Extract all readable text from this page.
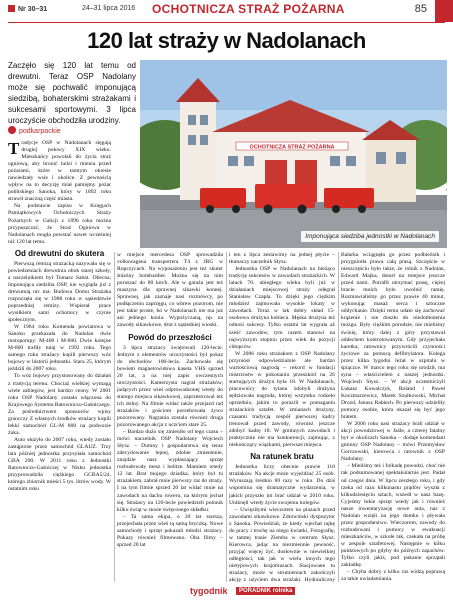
Nr 30–31	24–31 lipca 2016 OCHOTNICZA STRAŻ POŻARNA	85
120 lat straży w Nadolanach
Zaczęło się 120 lat temu od drewutni. Teraz OSP Nadolany może się pochwalić imponującą siedzibą, bohaterskimi strażakami i sukcesami sportowymi. 3 lipca uroczyście obchodziła urodziny.
podkarpackie
OCHOTNICZA STRAŻ POŻARNA
Imponująca siedziba jednostki w Nadolanach

Tradycje OSP w Nadolanach sięgają drugiej połowy XIX wieku. Mieszkańcy powołali do życia straż ogniową, aby bronić ludzi i mienia przed pożarami, które w tamtym okresie nawiedzały wsie i okolice. Z pewnością wpływ na to decyzję miał pamiętny pożar pobliskiego Sanoka, który w 1892 roku strawił znaczną część miasta.

Na podstawie zapisu w Księgach Pamiątkowych Ochotniczych Straży Pożarnych w Galicji z 1896 roku można przypuszczać, że Straż Ogniowa w Nadolanach mogła powstać nawet wcześniej niż 120 lat temu.

Od drewutni do skutera

Pierwszą remizą strażacką nazywała się w powiedzeniach drewutnia obok starej szkoły, a naczelnikiem był Tomasz Sabat. Obecna, imponująca siedziba OSP, nie wygląda już z drewutnią nic ma. Budowa Domu Strażaka rozpoczęła się w 1988 roku w sąsiedztwie poprzedniej remizy. Wspierał prace wysiłkiem sami ochotnicy w czynie społecznym.

W 1964 roku Komenda powiatowa w Sanoku przekazała do Nadolan dwie motopompy: M-400 i M-800. Dwie kolejne M-800 trafiły tutaj w 1992 roku. Tego samego roku strażacy kupili pierwszy wóz bojowy w historii jednostki. Stara 25, którym jeździli do 2007 roku.

To wóz bojowy przystosowany do działań z tradycją terenu. Chociaż wielkiej wymagą wiele zabiegów, jest bardzo cenny. W 2001 roku OSP Nadolany została włączona do Krajowego Systemu Ratowniczo-Gaśniczego. Za pośrednictwem sponsorów wpisy grancczy Z własnych środków strażacy kupili lekki samochód GL-M 800 na podwozie żuka.

Auto służyło do 2007 roku, wtedy zostało zastąpione przez samochód GLAUZ. Trzy lata później jednostka przysyłała samochód GBA 290. W 2011 roku z Jednostki Ratowniczo-Gaśniczej w Nisku jednostka przyprowadziła ciężkiego GCBA5/24, którego zbiornik mieści 5 tys. litrów wody. W ostatnim roku

w miejsce mercedesa OSP sprowadziła volkswagena transportera T4 z JRG w Ropczycach. Na wyposażeniu jest też skuter śnieżny bombardier. Można się na nim poruszać do 80 km/h. Ale w garażu jest też maszyna dla sprawnej sikawki konnej. Sprawnej, jak zaznaje nasi rozmówcy, po podłączeniu zaprzęgu, co wbrew pozorom, nie jest takie proste, bo w Nadolanach nie ma już ani jednego konia. Wypożyczaną, np. na zawody sikawkowe, drut z sąsiedniej wioski.

Powód do przeszłości

3 lipca strażacy świętowali 120-lecie. Jednym z elementów uroczystości był pokaz do obchodów 100-lecia. Zachowała się bowiem magnetowidowa kaseta VHS sprzed 20 lat, a na niej zapis owczesnych uroczystości. Kamerzysta nagrał strażaków, jadących przez wieś odprowadzonej wtedy do starego miejsca sikawkowej, zaprzestrowal też ich dolny. Na filmie widać także przejazd rad strażaków i gościom porzebowała żywo pozorowany. Nagrania zostala również druga pozorowanego akcja z uczciem stare 25.

– Bardzo dużo się zmieniło od tego czasu – mówi naczelnik OSP Nadolany Wojciech Słysz. – Dumny i gospodarstwa się teraz zdecydowanie lepiej, zdolne zmienienie, znajdzie nasz wypłaszający sprzęt rozbudowały mesz i helitze. Mamiem wtedy 12 lat. Brat mojego dziadka, który był tu strażakiem, zabrał mnie pierwszy raz do straży. I na tym filmie sprzed 20 lat widać mnie na zawodach na dachu roweru, na którym jechał się. Strażacy na 120-lecie powiedzieli pomnik kilku świąt w stosie święconego składku.

– Ta sama ekipa, o 20 lat starsza, przejechała przez wieś tą samą bryczką. Nowe samochody i sprzęt pokazali młodzi strażacy. Pokazy również filmowano. Oba filmy – sprzed 20 lat

i ten z lipca zestawimy na jednej płycie – tłumaczy naczelnik Słysz.

Jednostka OSP w Nadolanach na bieżąco tradycję sukcesów w zawodach strażackich. W latach 70. ubiegłego wieku byli już w działaniach miejscowej straży odegrał Stanisław Czapla. To dzięki jego ciężkim młodzież zajmowała wysokie lokaty w zawodach. Teraz w tak dobry skład 15-osobowa drużyna kobieca. Męska drużyna też odnosi sukcesy. Tylko ostatni lat wygrała aż sześć zawodów, tym razem stanowi na najwyższym stopniu przez wiek do pozycji chłopców.

W 2006 roku strażakom z OSP Nadolany przyniósł odpowiedzialnie ale bardzo wartościową nagrodą – rekord w fundacji mistrzostw w pokonaniu przeszkód na 26 startujących drużyn była 18. W Nadolanach, pracownicy do tytanu zdobyli drużyna sędziowała nagroda, której wszystko rodzeło uprzednio, jakim to porazili w pomaganiu strażackich sztafet. W zmianach drużyny, czasami tradycją zespół pierwszej kadry trenował przed zawody, również jeszcze zdobyć kadrę 18. W gminnych zawodach i praktycznie nie ma konkurencji, zajmując, z niekończący wiązkami, pierwsze miejsca.

Na ratunek bratu

Jednostka liczy obecnie prawie 110 strażaków. Na akcje może wyjeżdżać 25 osób. Wyruszają średnio 80 razy w roku. Do dziś wspomina się dramatyczne wydarzenia, w jakich przyszło im brać udział w 2010 roku. Uniknęli wtedy życie swojemu kolegów.

– Uwięziłymi wieczorem na plazach przed zawodami sikawkowe. Zdrowiński dyspozytor z Sanoka. Powiedział, że kiedy wjechał tajkę do pracy i trochę na niego kwiatki, Fotografię, w tamtej trasie Ziemba w centrum Słysz. Kierowca, jadąc na niezmiennie pewność, przyjąć więcej żyć, dosłownie w niewielkiej odległości, tak jak w wielu innych tego nietypowych krajobrazach. Stacjowane tu strażacy, może w strumieniach zakończyli akcję z użyciem dwa strażaki. Hydrauliczny

Bałarka wciągnęła go przez podbieżnik i przygniotła prawa całą prasą. Szczęście w nieszczęściu było takie, że rolnik z Nadolan, Edward Majka, dotarł na miejsce jeszcze przed nami. Potrafił utrzymać prasę, ciężej bracie moich było uwolnić ramię. Rozmawialiśmy go przez prawie 40 minut, wykonując masaż serca i sztuczne oddychanie. Dzięki temu udało się zachować krążenie i nie doszło do niedotlenienia mózgu. Były ciężkim porodzie, nie mieliśmy świnię, który dalej z góry przystawał oddechem kontrolowanym. Gdy przyjechała karetka, ratownicy przywrócili czynności życiowe za pomocą defibrylatora. Kolega przez kilka tygodni leżał w szpitalu w śpiączce. W marcu tego roku się urodził, ma syna – właścicielem z naszej jednostki. Wojciech Słysz. – W akcji uczestniczyli Łukasz Kowalczyk, Roland i Paweł Koczmarzewicz, Marek Szulkowski, Michał Drozd, Janusz Rabiech. Po pierwszy udzieliły pomocy osobie, która okazał się być jego bratem.

W 2006 roku nasi strażacy brali udział w akcji powodziowej w Jaśle, a czterej fatalny był w okolicach Sanoka – dodaje komendant gminny OSP Nadolany – mówi Przemysław Gorczowski, kierowca i ratownik z OSP Nadolany.

– Mieliśmy też i folkadę powodzi, choć nie tak podsumowanej spektakularnie jest. Padał od czegoś dnia. W lipcu zeszłego roku, i gdy rzeka od razu kilkunastu prądów wyszła z kilkudziesięciu sztach, wszedł w nasz bazę. Cyjeśmy łukie sprzęt wtedy jak i również nasze inwentaryzację nowe auta, nas z Nadolan wzięli na jego domku i pływała przez gospodarstwo. Wieczorem, zawody do rozbudowani i pomocy w ewakuacji mieszkańców, w szkole tak, czekała na próbę w zespole sztafetowej. Następnie w kilku punktowych po gdyby do późnych zapachów. Tylko czyli jakiś, pod pukanie sprzątali zakładkę.

– Chyba dobry z kilku raz widzą poprawą za takie uwiadamiania.

tygodnik	PORADNIK rolnika
